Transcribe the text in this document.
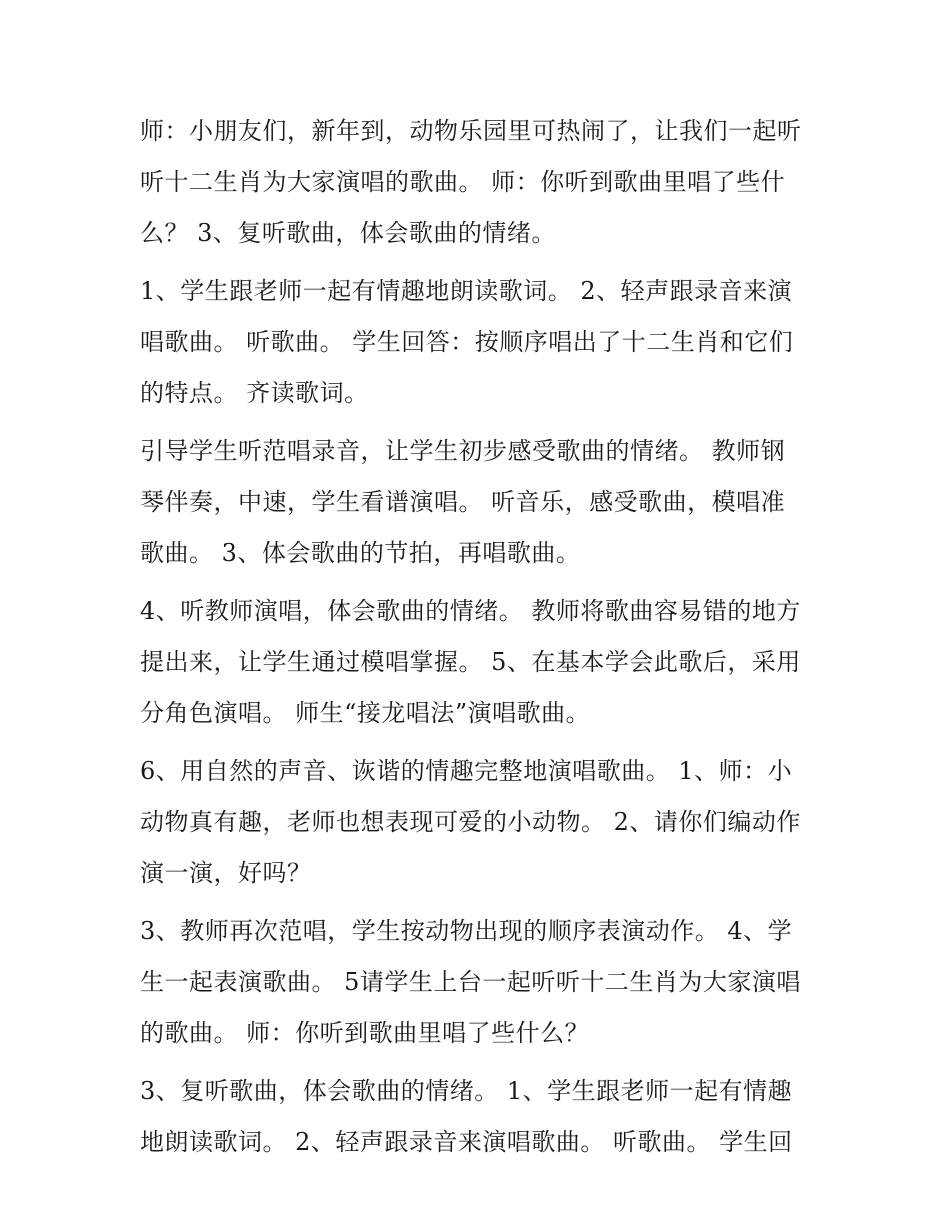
师：小朋友们，新年到，动物乐园里可热闹了，让我们一起听
听十二生肖为大家演唱的歌曲。 师：你听到歌曲里唱了些什
么？ 3、复听歌曲，体会歌曲的情绪。

1、学生跟老师一起有情趣地朗读歌词。 2、轻声跟录音来演
唱歌曲。 听歌曲。 学生回答：按顺序唱出了十二生肖和它们
的特点。 齐读歌词。

引导学生听范唱录音，让学生初步感受歌曲的情绪。 教师钢
琴伴奏，中速，学生看谱演唱。 听音乐，感受歌曲，模唱准
歌曲。 3、体会歌曲的节拍，再唱歌曲。

4、听教师演唱，体会歌曲的情绪。 教师将歌曲容易错的地方
提出来，让学生通过模唱掌握。 5、在基本学会此歌后，采用
分角色演唱。 师生“接龙唱法”演唱歌曲。

6、用自然的声音、诙谐的情趣完整地演唱歌曲。 1、师：小
动物真有趣，老师也想表现可爱的小动物。 2、请你们编动作
演一演，好吗？

3、教师再次范唱，学生按动物出现的顺序表演动作。 4、学
生一起表演歌曲。 5请学生上台一起听听十二生肖为大家演唱
的歌曲。 师：你听到歌曲里唱了些什么？

3、复听歌曲，体会歌曲的情绪。 1、学生跟老师一起有情趣
地朗读歌词。 2、轻声跟录音来演唱歌曲。 听歌曲。 学生回
